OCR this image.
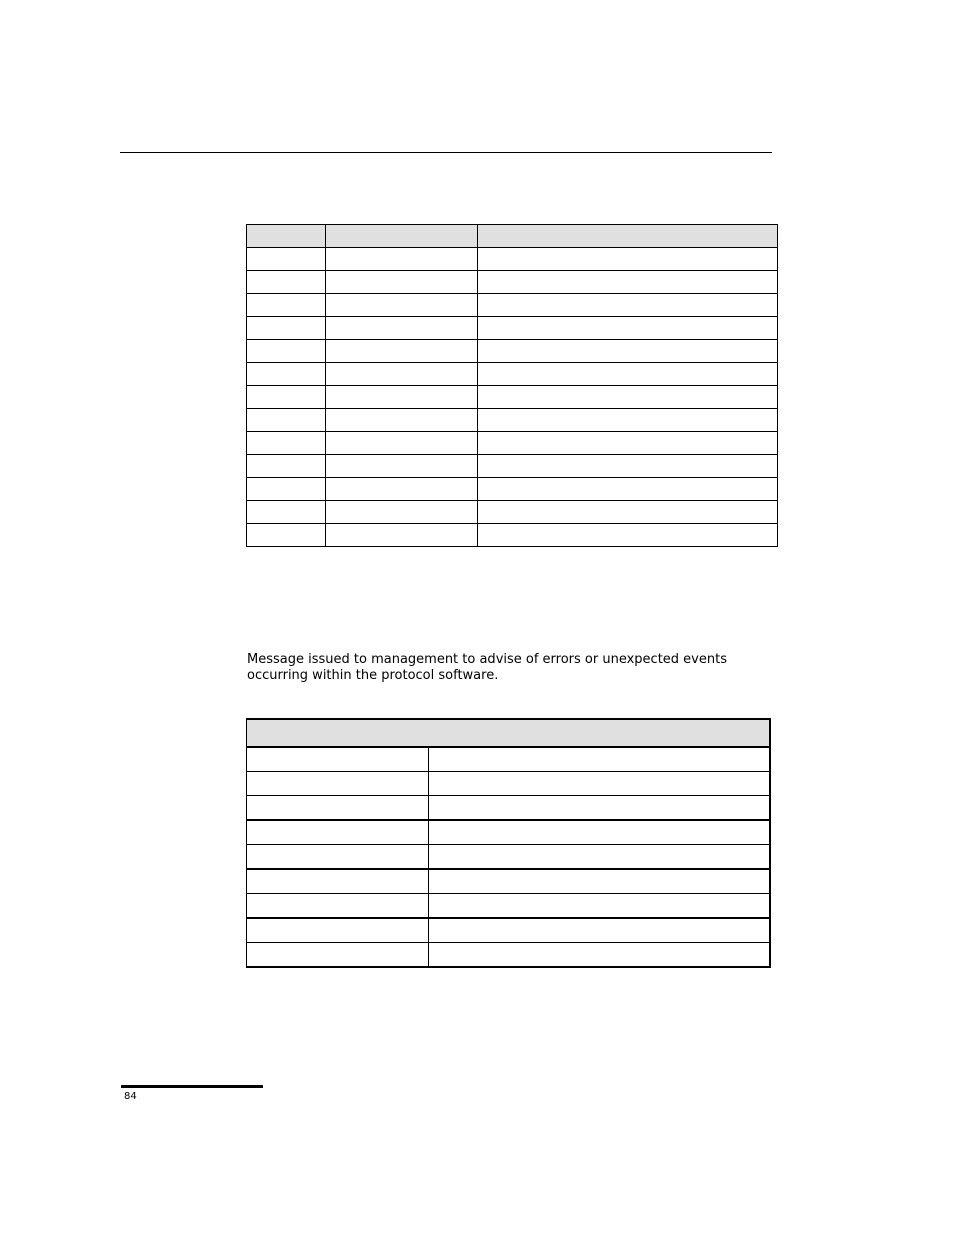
Message issued to management to advise of errors or unexpected events occurring within the protocol software.

84
